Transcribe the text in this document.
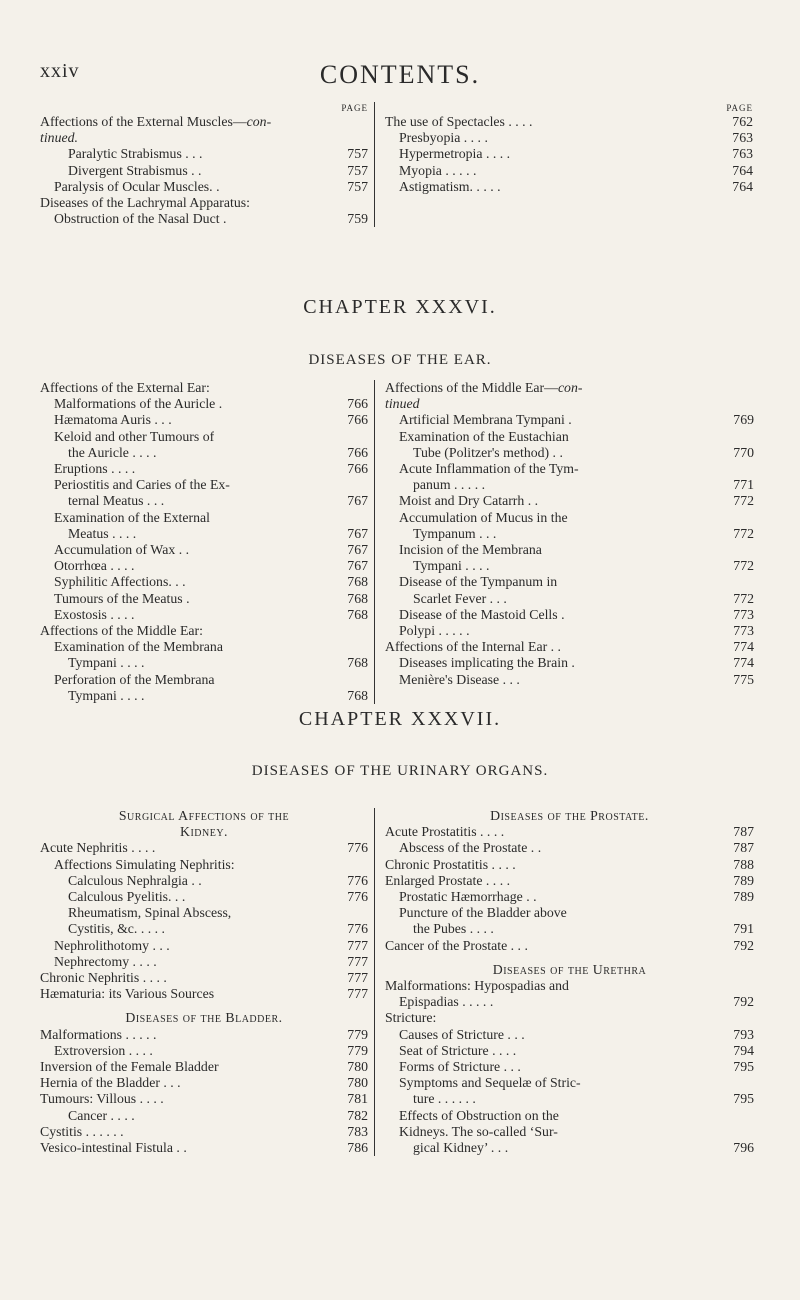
xxiv	CONTENTS.
PAGE
Affections of the External Muscles— con-
tinued.
Paralytic Strabismus . . .	757
Divergent Strabismus . .	757
Paralysis of Ocular Muscles. .	757
Diseases of the Lachrymal Apparatus:
Obstruction of the Nasal Duct .	759
PAGE
The use of Spectacles . . . .	762
Presbyopia . . . .	763
Hypermetropia . . . .	763
Myopia . . . . .	764
Astigmatism. . . . .	764
CHAPTER XXXVI.
DISEASES OF THE EAR.
Affections of the External Ear:
Malformations of the Auricle .	766
Hæmatoma Auris . . .	766
Keloid and other Tumours of
the Auricle . . . .	766
Eruptions . . . .	766
Periostitis and Caries of the Ex-
ternal Meatus . . .	767
Examination of the External
Meatus . . . .	767
Accumulation of Wax . .	767
Otorrhœa . . . .	767
Syphilitic Affections. . .	768
Tumours of the Meatus .	768
Exostosis . . . .	768
Affections of the Middle Ear:
Examination of the Membrana
Tympani . . . .	768
Perforation of the Membrana
Tympani . . . .	768
Affections of the Middle Ear— con-
tinued
Artificial Membrana Tympani .	769
Examination of the Eustachian
Tube (Politzer's method) . .	770
Acute Inflammation of the Tym-
panum . . . . .	771
Moist and Dry Catarrh . .	772
Accumulation of Mucus in the
Tympanum . . .	772
Incision of the Membrana
Tympani . . . .	772
Disease of the Tympanum in
Scarlet Fever . . .	772
Disease of the Mastoid Cells .	773
Polypi . . . . .	773
Affections of the Internal Ear . .	774
Diseases implicating the Brain .	774
Menière's Disease . . .	775
CHAPTER XXXVII.
DISEASES OF THE URINARY ORGANS.
Surgical Affections of the
Kidney.
Acute Nephritis . . . .	776
Affections Simulating Nephritis:
Calculous Nephralgia . .	776
Calculous Pyelitis. . .	776
Rheumatism, Spinal Abscess,
Cystitis, &c. . . . .	776
Nephrolithotomy . . .	777
Nephrectomy . . . .	777
Chronic Nephritis . . . .	777
Hæmaturia: its Various Sources	777
Diseases of the Bladder.
Malformations . . . . .	779
Extroversion . . . .	779
Inversion of the Female Bladder	780
Hernia of the Bladder . . .	780
Tumours: Villous . . . .	781
Cancer . . . .	782
Cystitis . . . . . .	783
Vesico-intestinal Fistula . .	786
Diseases of the Prostate.
Acute Prostatitis . . . .	787
Abscess of the Prostate . .	787
Chronic Prostatitis . . . .	788
Enlarged Prostate . . . .	789
Prostatic Hæmorrhage . .	789
Puncture of the Bladder above
the Pubes . . . .	791
Cancer of the Prostate . . .	792
Diseases of the Urethra
Malformations: Hypospadias and
Epispadias . . . . .	792
Stricture:
Causes of Stricture . . .	793
Seat of Stricture . . . .	794
Forms of Stricture . . .	795
Symptoms and Sequelæ of Stric-
ture . . . . . .	795
Effects of Obstruction on the
Kidneys. The so-called ‘Sur-
gical Kidney’ . . .	796
